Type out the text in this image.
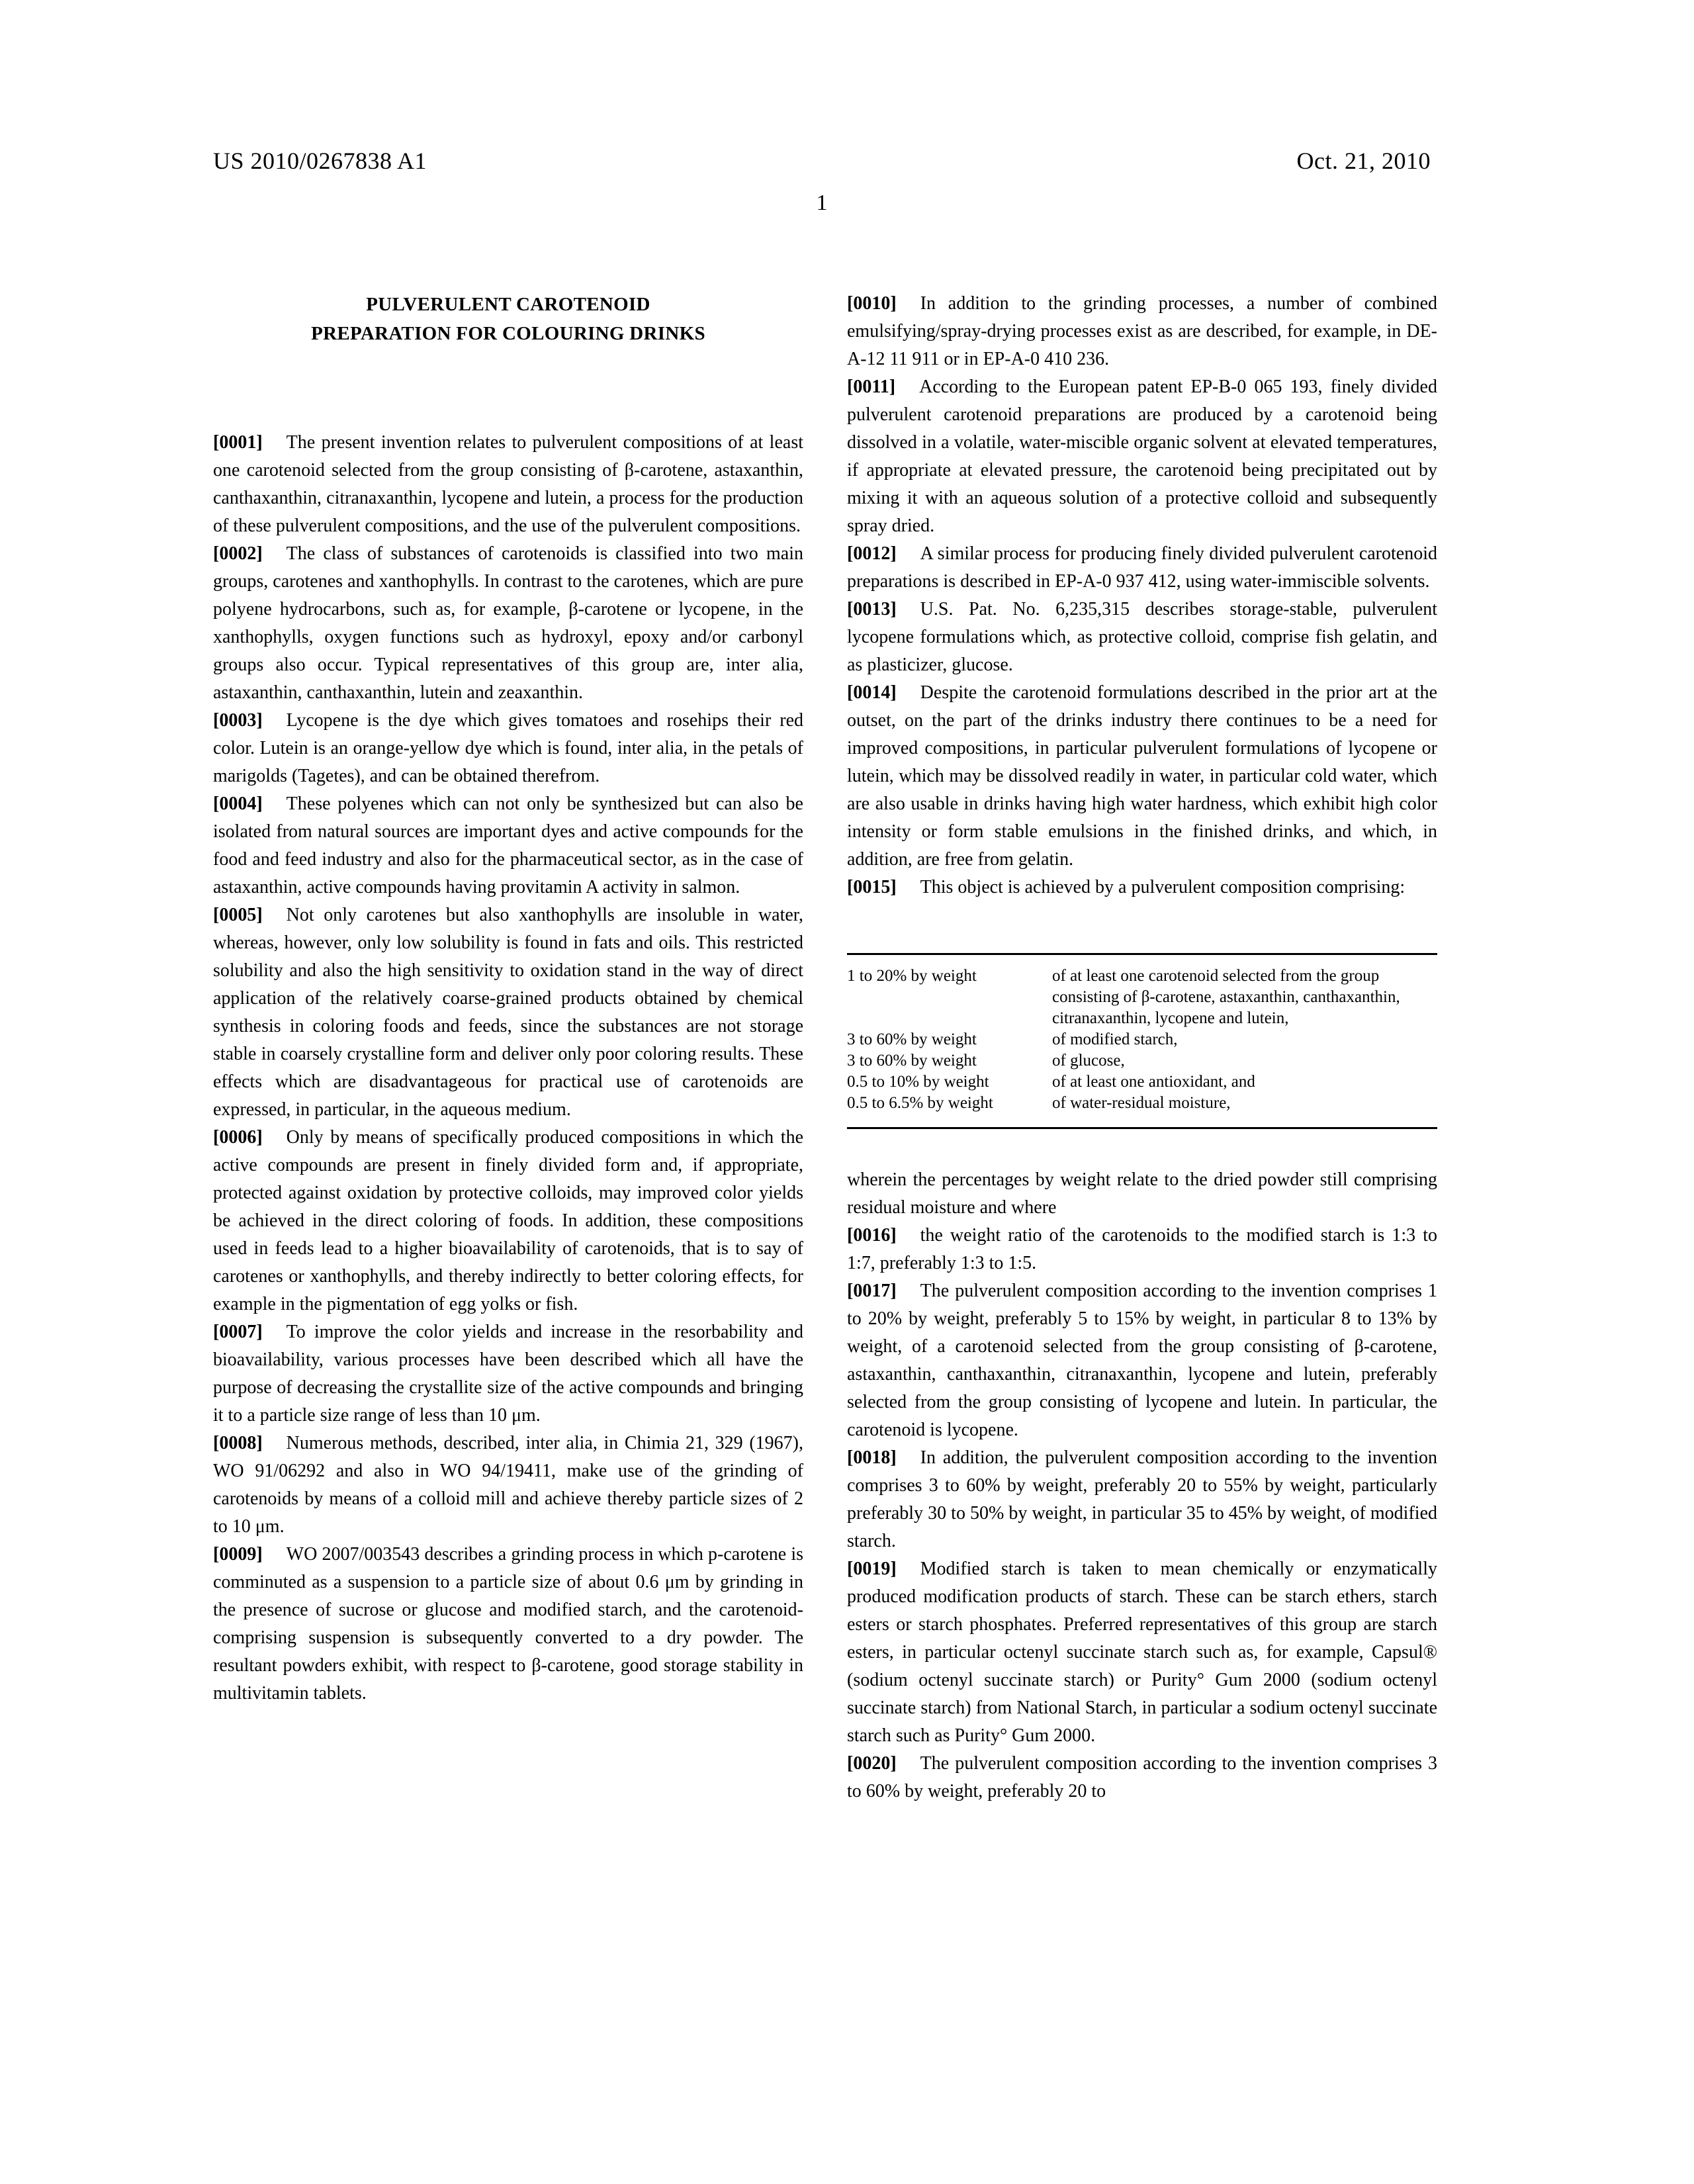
US 2010/0267838 A1	Oct. 21, 2010
1
PULVERULENT CAROTENOID
PREPARATION FOR COLOURING DRINKS

[0001] The present invention relates to pulverulent compositions of at least one carotenoid selected from the group consisting of β-carotene, astaxanthin, canthaxanthin, citranaxanthin, lycopene and lutein, a process for the production of these pulverulent compositions, and the use of the pulverulent compositions.

[0002] The class of substances of carotenoids is classified into two main groups, carotenes and xanthophylls. In contrast to the carotenes, which are pure polyene hydrocarbons, such as, for example, β-carotene or lycopene, in the xanthophylls, oxygen functions such as hydroxyl, epoxy and/or carbonyl groups also occur. Typical representatives of this group are, inter alia, astaxanthin, canthaxanthin, lutein and zeaxanthin.

[0003] Lycopene is the dye which gives tomatoes and rosehips their red color. Lutein is an orange-yellow dye which is found, inter alia, in the petals of marigolds (Tagetes), and can be obtained therefrom.

[0004] These polyenes which can not only be synthesized but can also be isolated from natural sources are important dyes and active compounds for the food and feed industry and also for the pharmaceutical sector, as in the case of astaxanthin, active compounds having provitamin A activity in salmon.

[0005] Not only carotenes but also xanthophylls are insoluble in water, whereas, however, only low solubility is found in fats and oils. This restricted solubility and also the high sensitivity to oxidation stand in the way of direct application of the relatively coarse-grained products obtained by chemical synthesis in coloring foods and feeds, since the substances are not storage stable in coarsely crystalline form and deliver only poor coloring results. These effects which are disadvantageous for practical use of carotenoids are expressed, in particular, in the aqueous medium.

[0006] Only by means of specifically produced compositions in which the active compounds are present in finely divided form and, if appropriate, protected against oxidation by protective colloids, may improved color yields be achieved in the direct coloring of foods. In addition, these compositions used in feeds lead to a higher bioavailability of carotenoids, that is to say of carotenes or xanthophylls, and thereby indirectly to better coloring effects, for example in the pigmentation of egg yolks or fish.

[0007] To improve the color yields and increase in the resorbability and bioavailability, various processes have been described which all have the purpose of decreasing the crystallite size of the active compounds and bringing it to a particle size range of less than 10 μm.

[0008] Numerous methods, described, inter alia, in Chimia 21, 329 (1967), WO 91/06292 and also in WO 94/19411, make use of the grinding of carotenoids by means of a colloid mill and achieve thereby particle sizes of 2 to 10 μm.

[0009] WO 2007/003543 describes a grinding process in which p-carotene is comminuted as a suspension to a particle size of about 0.6 μm by grinding in the presence of sucrose or glucose and modified starch, and the carotenoid-comprising suspension is subsequently converted to a dry powder. The resultant powders exhibit, with respect to β-carotene, good storage stability in multivitamin tablets.

[0010] In addition to the grinding processes, a number of combined emulsifying/spray-drying processes exist as are described, for example, in DE-A-12 11 911 or in EP-A-0 410 236.

[0011] According to the European patent EP-B-0 065 193, finely divided pulverulent carotenoid preparations are produced by a carotenoid being dissolved in a volatile, water-miscible organic solvent at elevated temperatures, if appropriate at elevated pressure, the carotenoid being precipitated out by mixing it with an aqueous solution of a protective colloid and subsequently spray dried.

[0012] A similar process for producing finely divided pulverulent carotenoid preparations is described in EP-A-0 937 412, using water-immiscible solvents.

[0013] U.S. Pat. No. 6,235,315 describes storage-stable, pulverulent lycopene formulations which, as protective colloid, comprise fish gelatin, and as plasticizer, glucose.

[0014] Despite the carotenoid formulations described in the prior art at the outset, on the part of the drinks industry there continues to be a need for improved compositions, in particular pulverulent formulations of lycopene or lutein, which may be dissolved readily in water, in particular cold water, which are also usable in drinks having high water hardness, which exhibit high color intensity or form stable emulsions in the finished drinks, and which, in addition, are free from gelatin.

[0015] This object is achieved by a pulverulent composition comprising:

1 to 20% by weight	of at least one carotenoid selected from the group consisting of β-carotene, astaxanthin, canthaxanthin, citranaxanthin, lycopene and lutein,
3 to 60% by weight	of modified starch,
3 to 60% by weight	of glucose,
0.5 to 10% by weight	of at least one antioxidant, and
0.5 to 6.5% by weight	of water-residual moisture,

wherein the percentages by weight relate to the dried powder still comprising residual moisture and where

[0016] the weight ratio of the carotenoids to the modified starch is 1:3 to 1:7, preferably 1:3 to 1:5.

[0017] The pulverulent composition according to the invention comprises 1 to 20% by weight, preferably 5 to 15% by weight, in particular 8 to 13% by weight, of a carotenoid selected from the group consisting of β-carotene, astaxanthin, canthaxanthin, citranaxanthin, lycopene and lutein, preferably selected from the group consisting of lycopene and lutein. In particular, the carotenoid is lycopene.

[0018] In addition, the pulverulent composition according to the invention comprises 3 to 60% by weight, preferably 20 to 55% by weight, particularly preferably 30 to 50% by weight, in particular 35 to 45% by weight, of modified starch.

[0019] Modified starch is taken to mean chemically or enzymatically produced modification products of starch. These can be starch ethers, starch esters or starch phosphates. Preferred representatives of this group are starch esters, in particular octenyl succinate starch such as, for example, Capsul® (sodium octenyl succinate starch) or Purity° Gum 2000 (sodium octenyl succinate starch) from National Starch, in particular a sodium octenyl succinate starch such as Purity° Gum 2000.

[0020] The pulverulent composition according to the invention comprises 3 to 60% by weight, preferably 20 to
